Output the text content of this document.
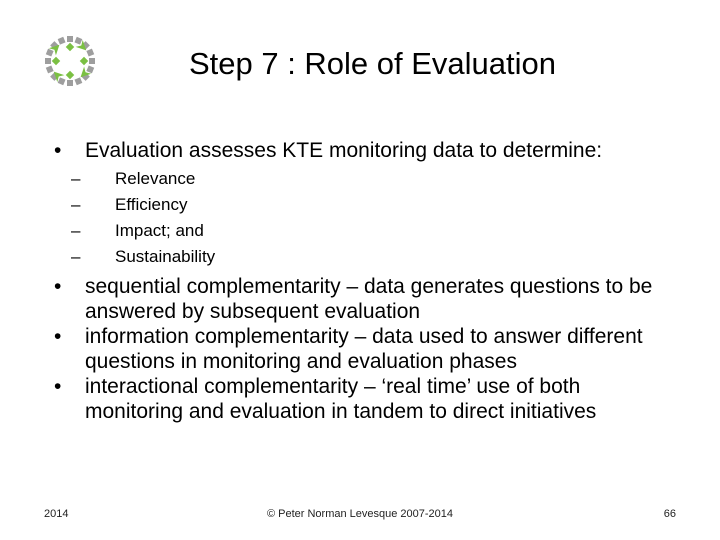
Step 7 : Role of Evaluation
• Evaluation assesses KTE monitoring data to determine:
– Relevance
– Efficiency
– Impact; and
– Sustainability
• sequential complementarity – data generates questions to be answered by subsequent evaluation
• information complementarity – data used to answer different questions in monitoring and evaluation phases
• interactional complementarity – ‘real time’ use of both monitoring and evaluation in tandem to direct initiatives
2014	© Peter Norman Levesque 2007-2014	66
